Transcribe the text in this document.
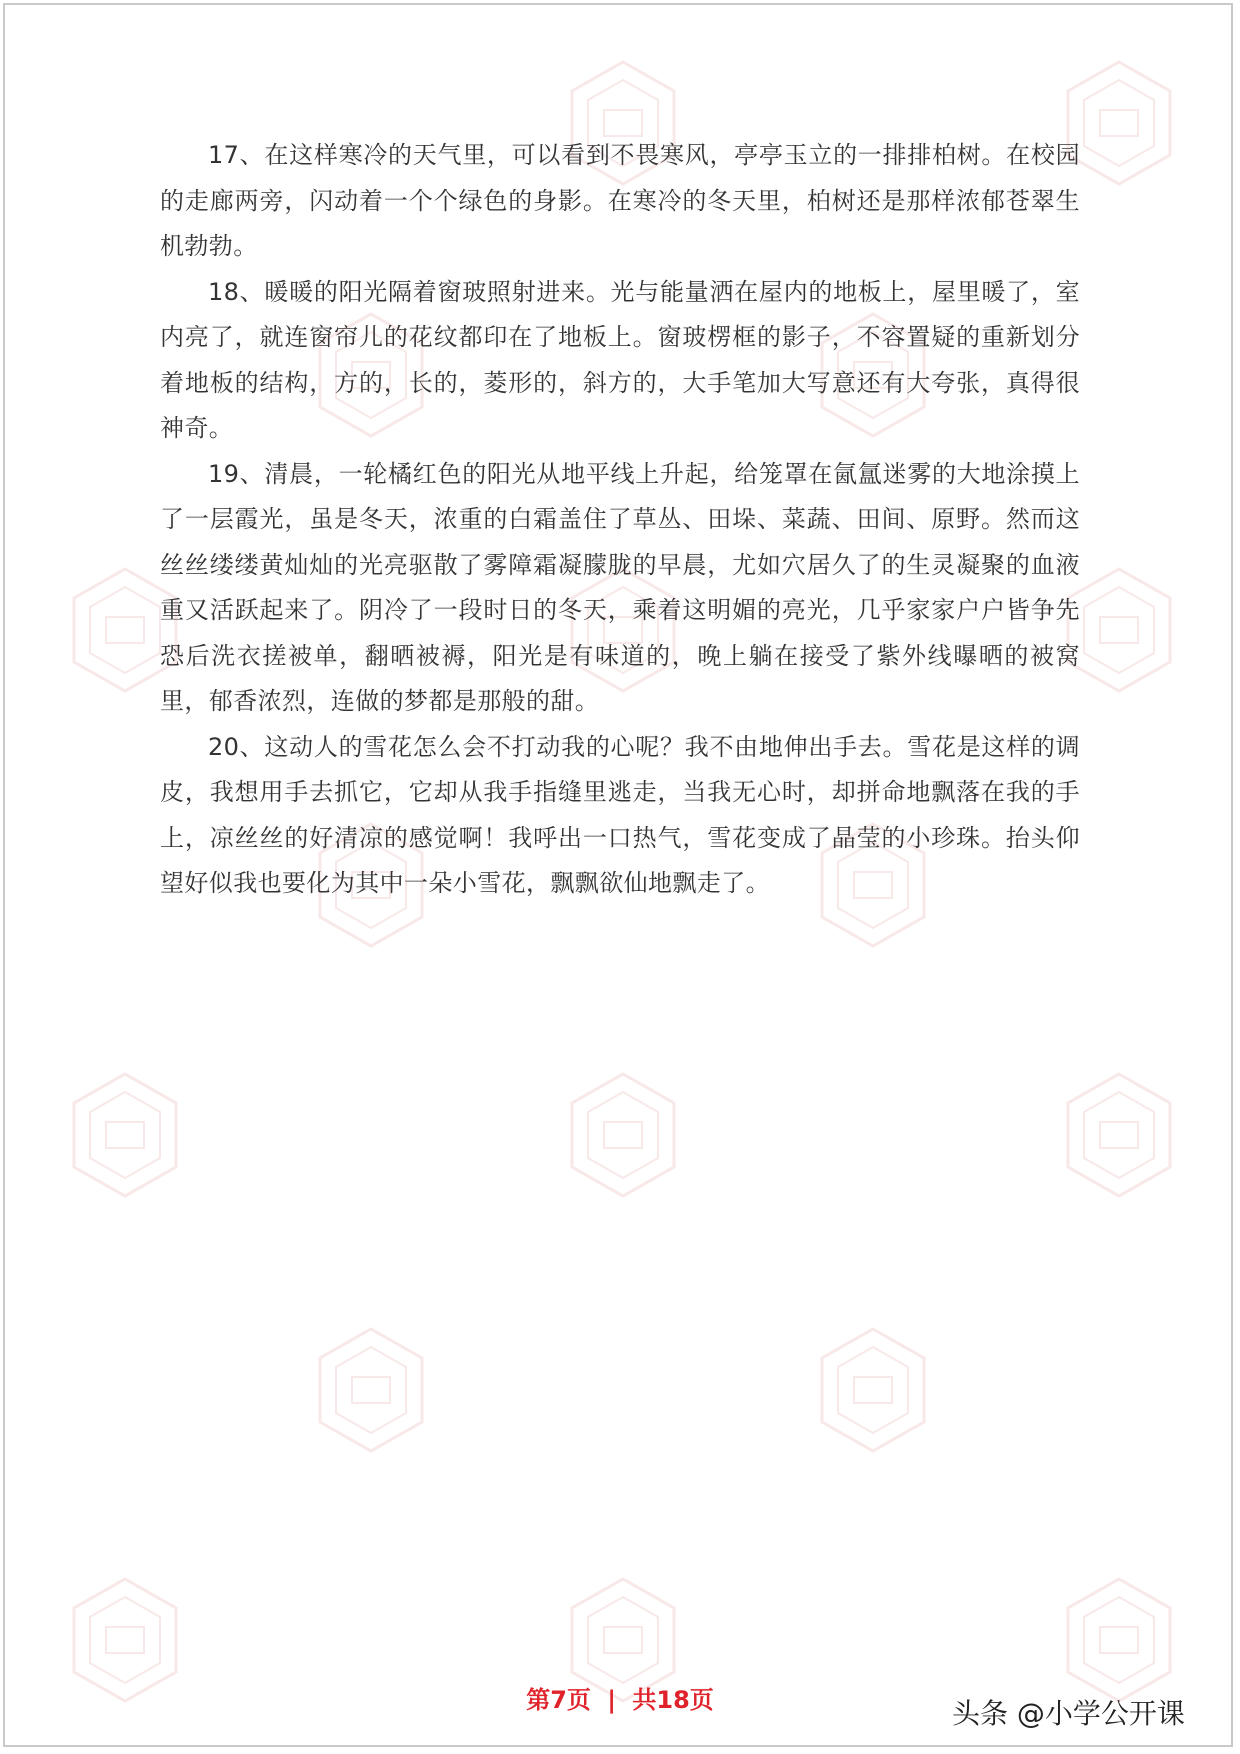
17、在这样寒冷的天气里，可以看到不畏寒风，亭亭玉立的一排排柏树。在校园的走廊两旁，闪动着一个个绿色的身影。在寒冷的冬天里，柏树还是那样浓郁苍翠生机勃勃。

18、暖暖的阳光隔着窗玻照射进来。光与能量洒在屋内的地板上，屋里暖了，室内亮了，就连窗帘儿的花纹都印在了地板上。窗玻楞框的影子，不容置疑的重新划分着地板的结构，方的，长的，菱形的，斜方的，大手笔加大写意还有大夸张，真得很神奇。

19、清晨，一轮橘红色的阳光从地平线上升起，给笼罩在氤氲迷雾的大地涂摸上了一层霞光，虽是冬天，浓重的白霜盖住了草丛、田垛、菜蔬、田间、原野。然而这丝丝缕缕黄灿灿的光亮驱散了雾障霜凝朦胧的早晨，尤如穴居久了的生灵凝聚的血液重又活跃起来了。阴冷了一段时日的冬天，乘着这明媚的亮光，几乎家家户户皆争先恐后洗衣搓被单，翻晒被褥，阳光是有味道的，晚上躺在接受了紫外线曝晒的被窝里，郁香浓烈，连做的梦都是那般的甜。

20、这动人的雪花怎么会不打动我的心呢？我不由地伸出手去。雪花是这样的调皮，我想用手去抓它，它却从我手指缝里逃走，当我无心时，却拼命地飘落在我的手上，凉丝丝的好清凉的感觉啊！我呼出一口热气，雪花变成了晶莹的小珍珠。抬头仰望好似我也要化为其中一朵小雪花，飘飘欲仙地飘走了。

第7页 | 共18页	头条 @小学公开课
